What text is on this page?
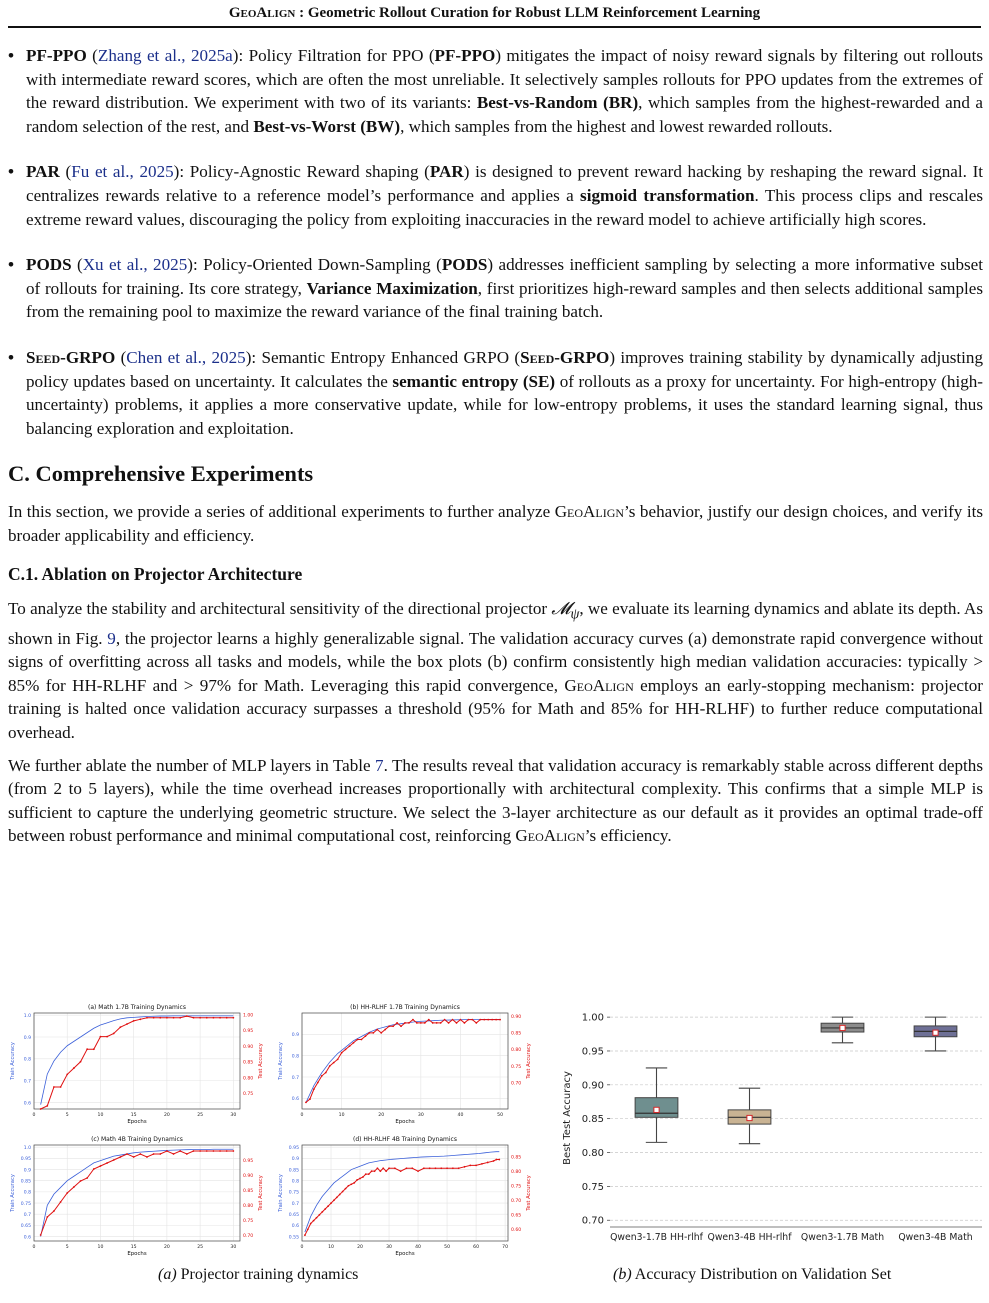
GeoAlign : Geometric Rollout Curation for Robust LLM Reinforcement Learning
• PF-PPO (Zhang et al., 2025a): Policy Filtration for PPO (PF-PPO) mitigates the impact of noisy reward signals by filtering out rollouts with intermediate reward scores, which are often the most unreliable. It selectively samples rollouts for PPO updates from the extremes of the reward distribution. We experiment with two of its variants: Best-vs-Random (BR), which samples from the highest-rewarded and a random selection of the rest, and Best-vs-Worst (BW), which samples from the highest and lowest rewarded rollouts.
• PAR (Fu et al., 2025): Policy-Agnostic Reward shaping (PAR) is designed to prevent reward hacking by reshaping the reward signal. It centralizes rewards relative to a reference model’s performance and applies a sigmoid transformation. This process clips and rescales extreme reward values, discouraging the policy from exploiting inaccuracies in the reward model to achieve artificially high scores.
• PODS (Xu et al., 2025): Policy-Oriented Down-Sampling (PODS) addresses inefficient sampling by selecting a more informative subset of rollouts for training. Its core strategy, Variance Maximization, first prioritizes high-reward samples and then selects additional samples from the remaining pool to maximize the reward variance of the final training batch.
• Seed-GRPO (Chen et al., 2025): Semantic Entropy Enhanced GRPO (Seed-GRPO) improves training stability by dynamically adjusting policy updates based on uncertainty. It calculates the semantic entropy (SE) of rollouts as a proxy for uncertainty. For high-entropy (high-uncertainty) problems, it applies a more conservative update, while for low-entropy problems, it uses the standard learning signal, thus balancing exploration and exploitation.
C. Comprehensive Experiments

In this section, we provide a series of additional experiments to further analyze GeoAlign’s behavior, justify our design choices, and verify its broader applicability and efficiency.

C.1. Ablation on Projector Architecture

To analyze the stability and architectural sensitivity of the directional projector 𝓜$_\psi$, we evaluate its learning dynamics and ablate its depth. As shown in Fig. 9, the projector learns a highly generalizable signal. The validation accuracy curves (a) demonstrate rapid convergence without signs of overfitting across all tasks and models, while the box plots (b) confirm consistently high median validation accuracies: typically > 85% for HH-RLHF and > 97% for Math. Leveraging this rapid convergence, GeoAlign employs an early-stopping mechanism: projector training is halted once validation accuracy surpasses a threshold (95% for Math and 85% for HH-RLHF) to further reduce computational overhead.

We further ablate the number of MLP layers in Table 7. The results reveal that validation accuracy is remarkably stable across different depths (from 2 to 5 layers), while the time overhead increases proportionally with architectural complexity. This confirms that a simple MLP is sufficient to capture the underlying geometric structure. We select the 3-layer architecture as our default as it provides an optimal trade-off between robust performance and minimal computational cost, reinforcing GeoAlign’s efficiency.

0.6
0.7
0.8
0.9
1.0
0.75
0.80
0.85
0.90
0.95
1.00
0	5	10	15	20	25	30
(a) Math 1.7B Training Dynamics
Epochs
Train Accuracy	Test Accuracy
0.6
0.7
0.8
0.9
0.70
0.75
0.80
0.85
0.90
0	10	20	30	40	50
(b) HH-RLHF 1.7B Training Dynamics
Epochs
Train Accuracy	Test Accuracy
0.6
0.65
0.7
0.75
0.8
0.85
0.9
0.95
1.0
0.70
0.75
0.80
0.85
0.90
0.95
0	5	10	15	20	25	30
(c) Math 4B Training Dynamics
Epochs
Train Accuracy	Test Accuracy
0.55
0.6
0.65
0.7
0.75
0.8
0.85
0.9
0.95
0.60
0.65
0.70
0.75
0.80
0.85
0	10	20	30	40	50	60	70
(d) HH-RLHF 4B Training Dynamics
Epochs
Train Accuracy	Test Accuracy
0.70
0.75
0.80
0.85
0.90
0.95
1.00
Best Test Accuracy
Qwen3-1.7B HH-rlhf Qwen3-4B HH-rlhf Qwen3-1.7B Math Qwen3-4B Math
(a) Projector training dynamics	(b) Accuracy Distribution on Validation Set
